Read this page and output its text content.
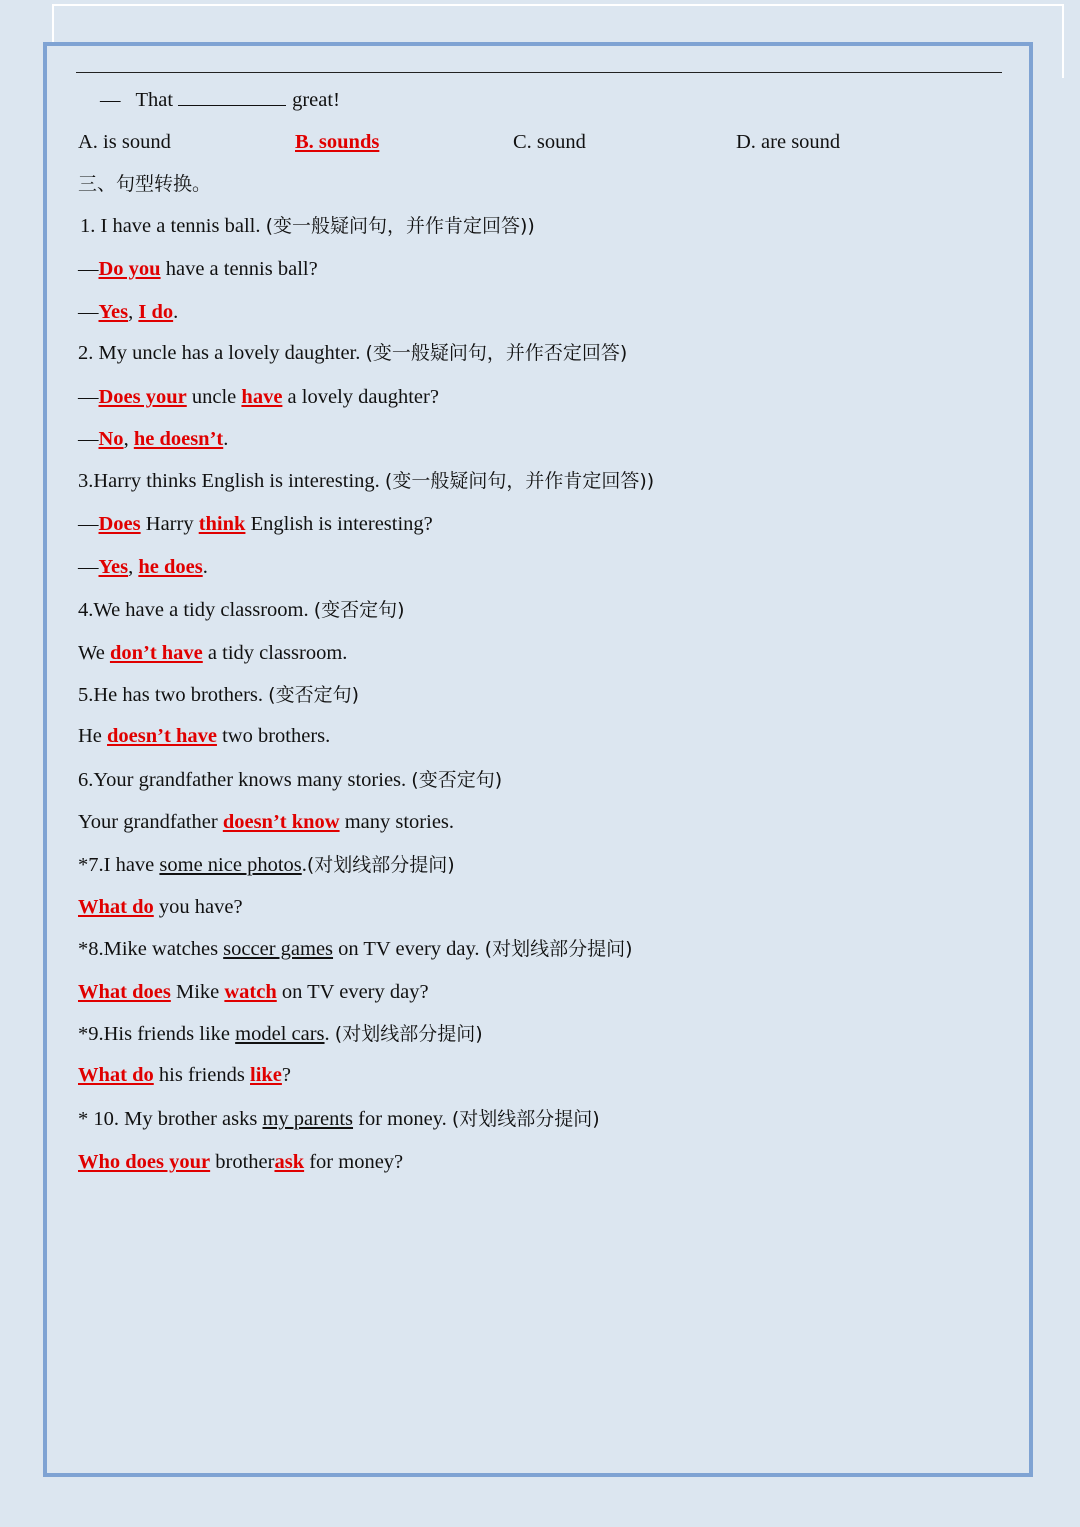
— That	great!
A. is sound	B. sounds	C. sound	D. are sound
三、句型转换。
1. I have a tennis ball. (变一般疑问句，并作肯定回答))
—Do you have a tennis ball?
—Yes, I do.
2. My uncle has a lovely daughter. (变一般疑问句，并作否定回答)
—Does your uncle have a lovely daughter?
—No, he doesn’t.
3.Harry thinks English is interesting. (变一般疑问句，并作肯定回答))
—Does Harry think English is interesting?
—Yes, he does.
4.We have a tidy classroom. (变否定句)
We don’t have a tidy classroom.
5.He has two brothers. (变否定句)
He doesn’t have two brothers.
6.Your grandfather knows many stories. (变否定句)
Your grandfather doesn’t know many stories.
*7.I have some nice photos.(对划线部分提问)
What do you have?
*8.Mike watches soccer games on TV every day. (对划线部分提问)
What does Mike watch on TV every day?
*9.His friends like model cars. (对划线部分提问)
What do his friends like?
* 10. My brother asks my parents for money. (对划线部分提问)
Who does your brotherask for money?
